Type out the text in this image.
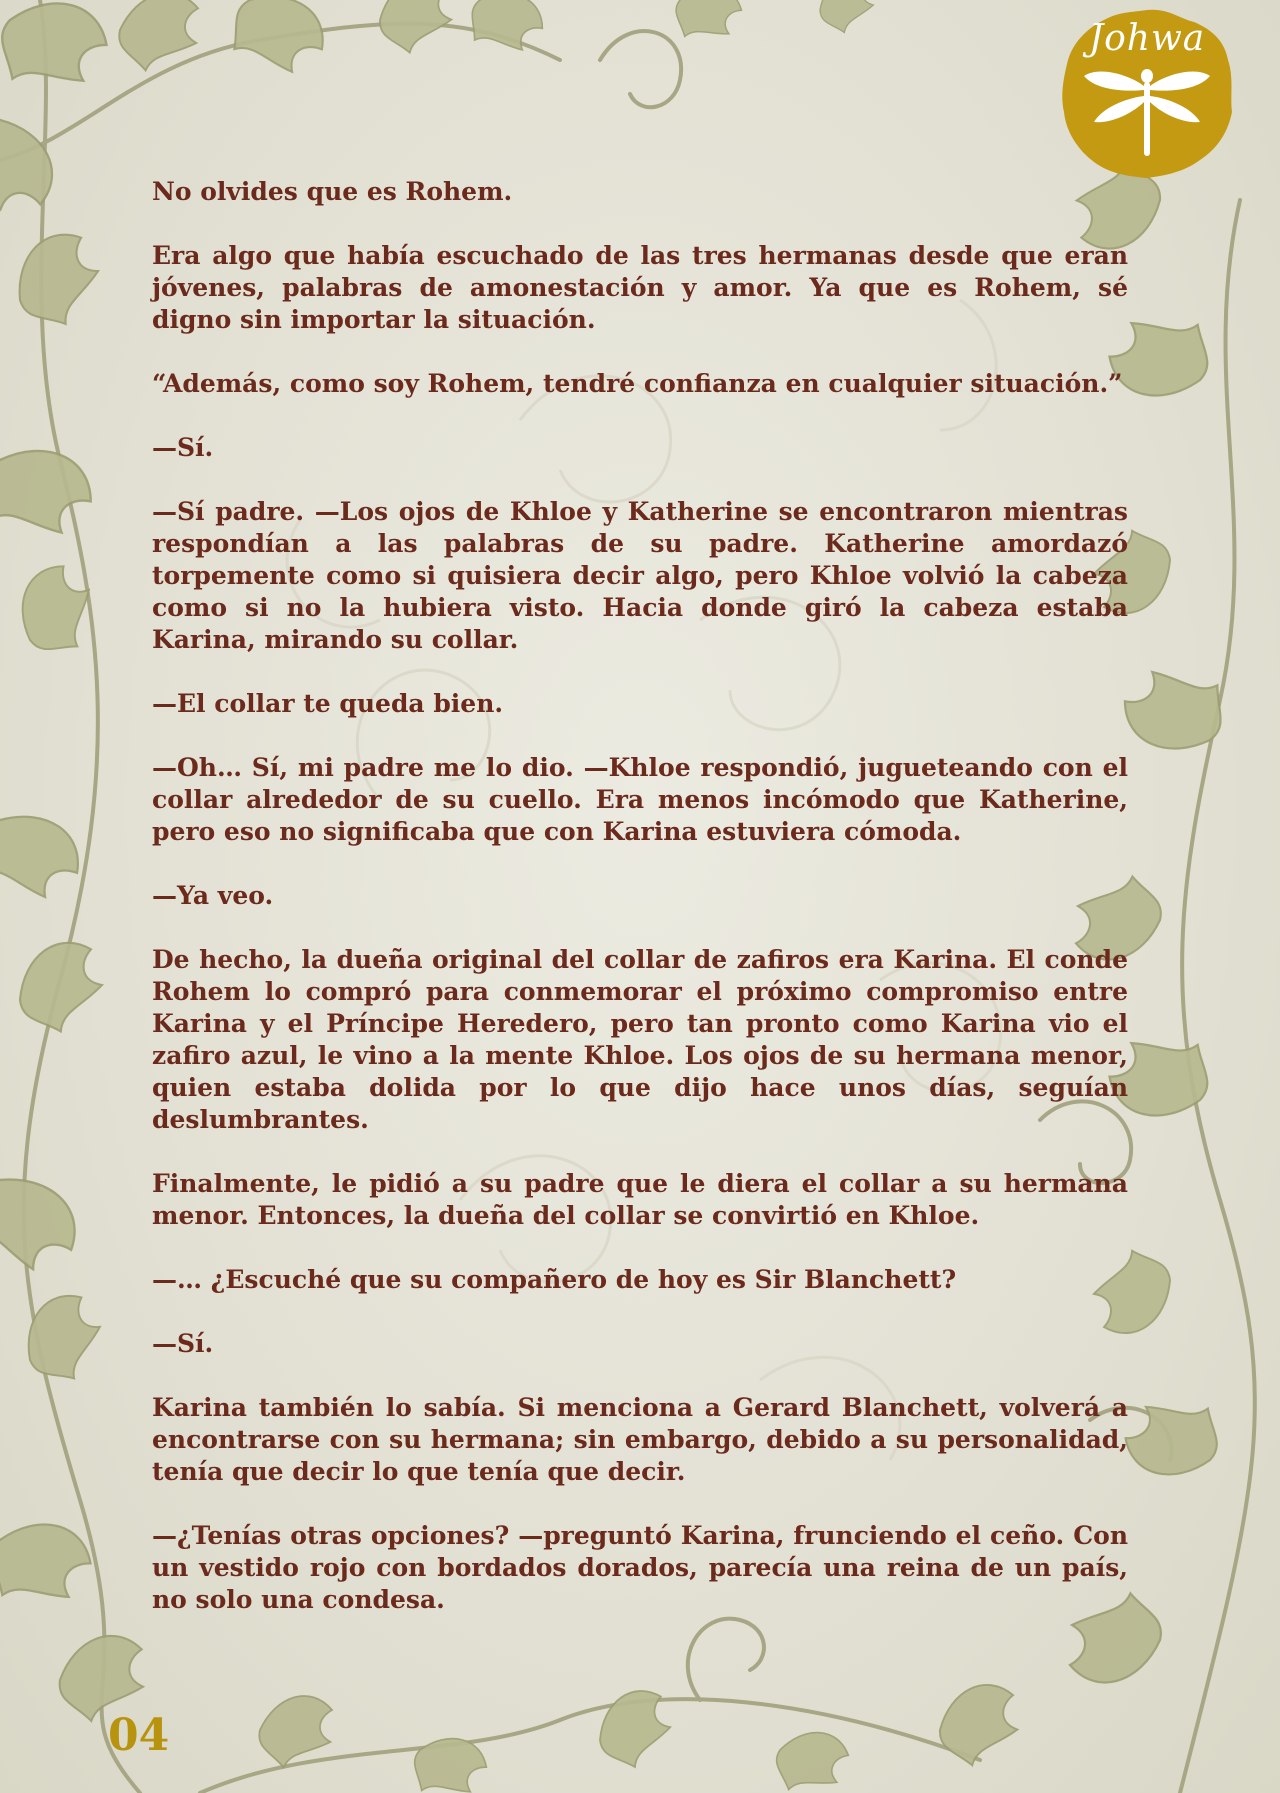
Johwa

No olvides que es Rohem.

Era algo que había escuchado de las tres hermanas desde que eran jóvenes, palabras de amonestación y amor. Ya que es Rohem, sé digno sin importar la situación.

“Además, como soy Rohem, tendré confianza en cualquier situación.”

—Sí.

—Sí padre. —Los ojos de Khloe y Katherine se encontraron mientras respondían a las palabras de su padre. Katherine amordazó torpemente como si quisiera decir algo, pero Khloe volvió la cabeza como si no la hubiera visto. Hacia donde giró la cabeza estaba Karina, mirando su collar.

—El collar te queda bien.

—Oh… Sí, mi padre me lo dio. —Khloe respondió, jugueteando con el collar alrededor de su cuello. Era menos incómodo que Katherine, pero eso no significaba que con Karina estuviera cómoda.

—Ya veo.

De hecho, la dueña original del collar de zafiros era Karina. El conde Rohem lo compró para conmemorar el próximo compromiso entre Karina y el Príncipe Heredero, pero tan pronto como Karina vio el zafiro azul, le vino a la mente Khloe. Los ojos de su hermana menor, quien estaba dolida por lo que dijo hace unos días, seguían deslumbrantes.

Finalmente, le pidió a su padre que le diera el collar a su hermana menor. Entonces, la dueña del collar se convirtió en Khloe.

—… ¿Escuché que su compañero de hoy es Sir Blanchett?

—Sí.

Karina también lo sabía. Si menciona a Gerard Blanchett, volverá a encontrarse con su hermana; sin embargo, debido a su personalidad, tenía que decir lo que tenía que decir.

—¿Tenías otras opciones? —preguntó Karina, frunciendo el ceño. Con un vestido rojo con bordados dorados, parecía una reina de un país, no solo una condesa.

04
